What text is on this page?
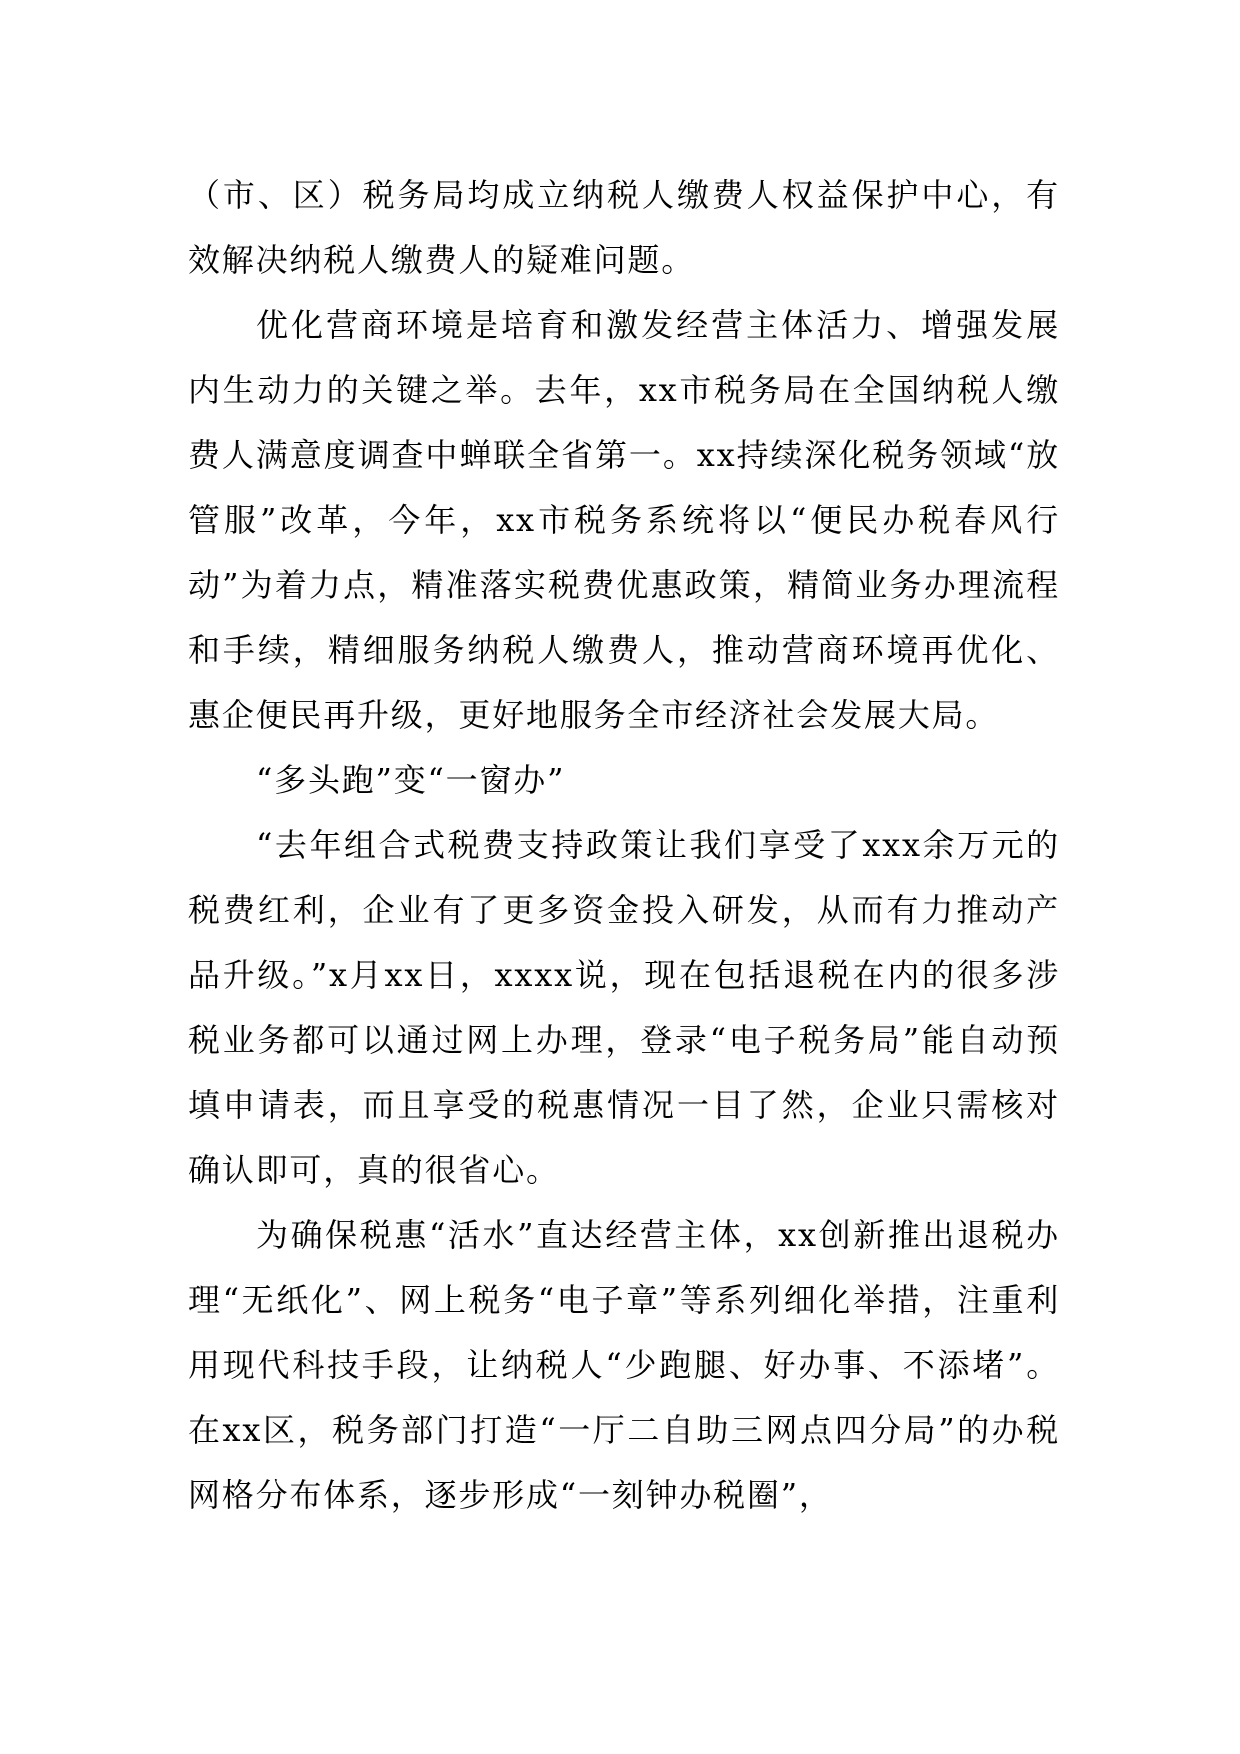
（市、区）税务局均成立纳税人缴费人权益保护中心，有效解决纳税人缴费人的疑难问题。

优化营商环境是培育和激发经营主体活力、增强发展内生动力的关键之举。去年，xx市税务局在全国纳税人缴费人满意度调查中蝉联全省第一。xx持续深化税务领域“放管服”改革，今年，xx市税务系统将以“便民办税春风行动”为着力点，精准落实税费优惠政策，精简业务办理流程和手续，精细服务纳税人缴费人，推动营商环境再优化、惠企便民再升级，更好地服务全市经济社会发展大局。

“多头跑”变“一窗办”

“去年组合式税费支持政策让我们享受了xxx余万元的税费红利，企业有了更多资金投入研发，从而有力推动产品升级。”x月xx日，xxxx说，现在包括退税在内的很多涉税业务都可以通过网上办理，登录“电子税务局”能自动预填申请表，而且享受的税惠情况一目了然，企业只需核对确认即可，真的很省心。

为确保税惠“活水”直达经营主体，xx创新推出退税办理“无纸化”、网上税务“电子章”等系列细化举措，注重利用现代科技手段，让纳税人“少跑腿、好办事、不添堵”。在xx区，税务部门打造“一厅二自助三网点四分局”的办税网格分布体系，逐步形成“一刻钟办税圈”，
